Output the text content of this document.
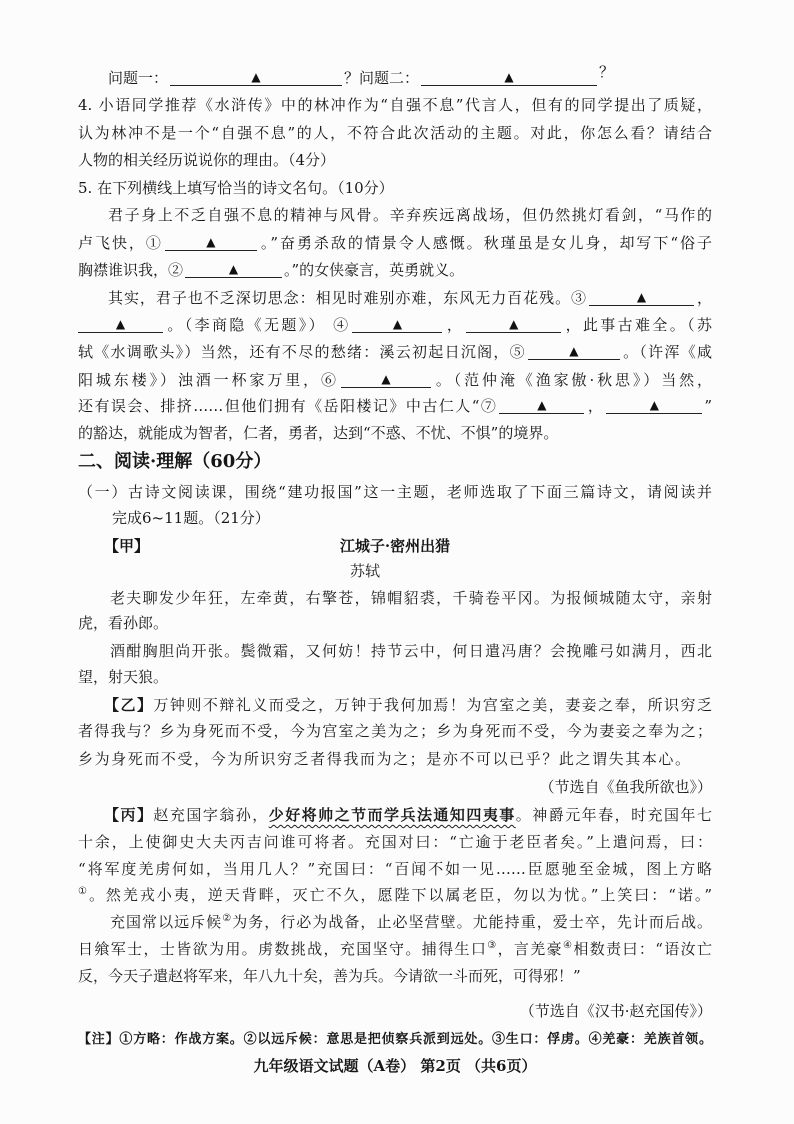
问题一：	▲	？问题二：	▲	？
4. 小语同学推荐《水浒传》中的林冲作为“自强不息”代言人，但有的同学提出了质疑，
认为林冲不是一个“自强不息”的人，不符合此次活动的主题。对此，你怎么看？请结合
人物的相关经历说说你的理由。（4分）
5. 在下列横线上填写恰当的诗文名句。（10分）
君子身上不乏自强不息的精神与风骨。辛弃疾远离战场，但仍然挑灯看剑，“马作的
卢飞快，①	▲	。”奋勇杀敌的情景令人感慨。秋瑾虽是女儿身，却写下“俗子
胸襟谁识我，②	▲	。”的女侠豪言，英勇就义。
其实，君子也不乏深切思念：相见时难别亦难，东风无力百花残。③	▲	，
▲	。（李商隐《无题》） ④	▲	，	▲	，此事古难全。（苏
轼《水调歌头》）当然，还有不尽的愁绪：溪云初起日沉阁，⑤	▲	。（许浑《咸
阳城东楼》）浊酒一杯家万里，⑥	▲	。（范仲淹《渔家傲·秋思》）当然，
还有误会、排挤……但他们拥有《岳阳楼记》中古仁人“⑦	▲	，	▲	”
的豁达，就能成为智者，仁者，勇者，达到“不惑、不忧、不惧”的境界。
二、阅读·理解（60分）
（一）古诗文阅读课，围绕“建功报国”这一主题，老师选取了下面三篇诗文，请阅读并
完成6~11题。（21分）
【甲】	江城子·密州出猎
苏轼
老夫聊发少年狂，左牵黄，右擎苍，锦帽貂裘，千骑卷平冈。为报倾城随太守，亲射
虎，看孙郎。
酒酣胸胆尚开张。鬓微霜，又何妨！持节云中，何日遣冯唐？会挽雕弓如满月，西北
望，射天狼。
【乙】万钟则不辩礼义而受之，万钟于我何加焉！为宫室之美，妻妾之奉，所识穷乏
者得我与？乡为身死而不受，今为宫室之美为之；乡为身死而不受，今为妻妾之奉为之；
乡为身死而不受，今为所识穷乏者得我而为之；是亦不可以已乎？此之谓失其本心。
（节选自《鱼我所欲也》）
【丙】赵充国字翁孙，少好将帅之节而学兵法通知四夷事。神爵元年春，时充国年七
十余，上使御史大夫丙吉问谁可将者。充国对曰：“亡逾于老臣者矣。”上遣问焉，曰：
“将军度羌虏何如，当用几人？”充国曰：“百闻不如一见……臣愿驰至金城，图上方略
①。然羌戎小夷，逆天背畔，灭亡不久，愿陛下以属老臣，勿以为忧。”上笑曰：“诺。”
充国常以远斥候②为务，行必为战备，止必坚营壁。尤能持重，爱士卒，先计而后战。
日飨军士，士皆欲为用。虏数挑战，充国坚守。捕得生口③，言羌豪④相数责曰：“语汝亡
反，今天子遣赵将军来，年八九十矣，善为兵。今请欲一斗而死，可得邪！”
（节选自《汉书·赵充国传》）
【注】①方略：作战方案。②以远斥候：意思是把侦察兵派到远处。③生口：俘虏。④羌豪：羌族首领。
九年级语文试题（A卷） 第2页 （共6页）
